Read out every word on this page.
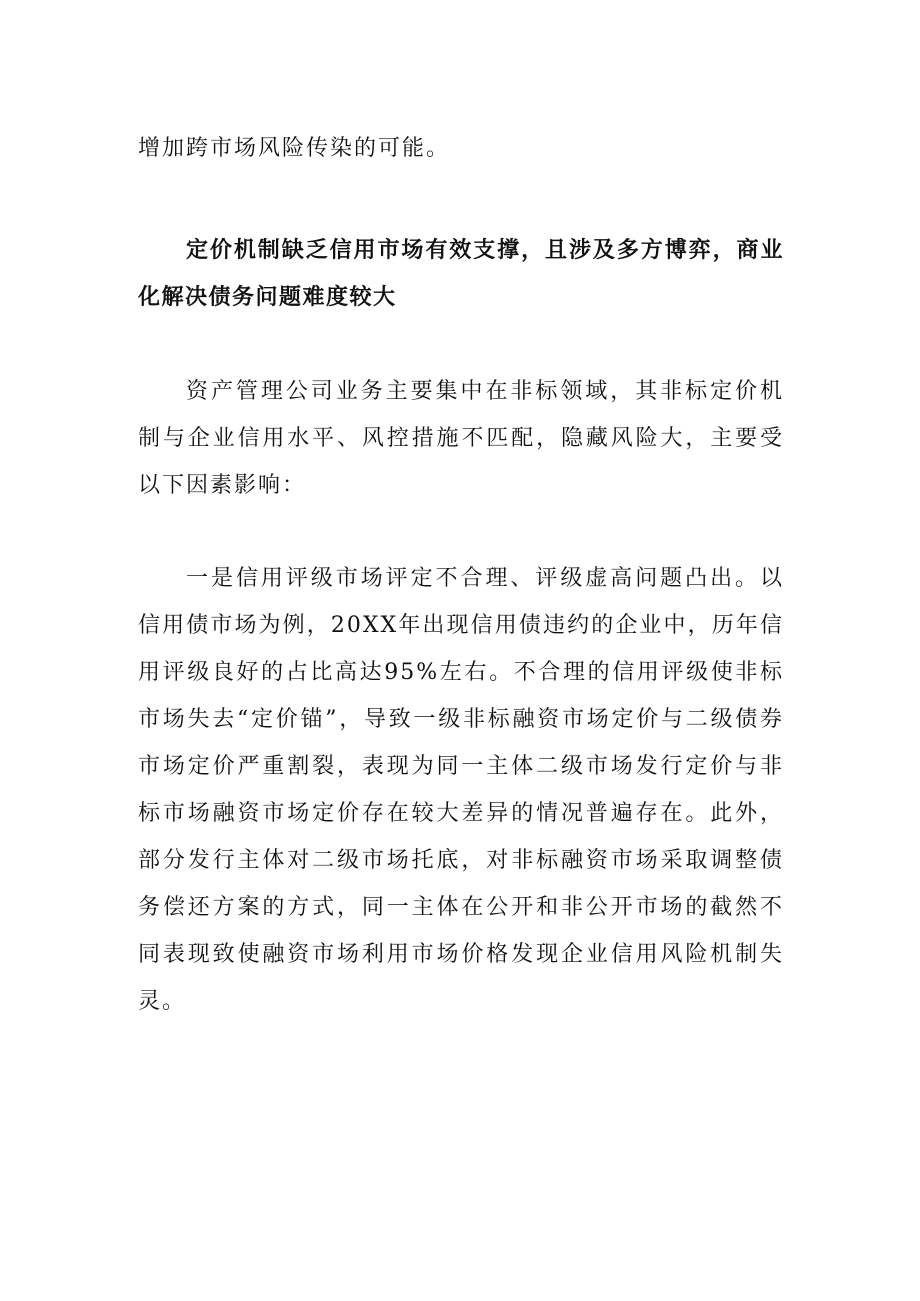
增加跨市场风险传染的可能。

定价机制缺乏信用市场有效支撑，且涉及多方博弈，商业化解决债务问题难度较大

资产管理公司业务主要集中在非标领域，其非标定价机制与企业信用水平、风控措施不匹配，隐藏风险大，主要受以下因素影响：

一是信用评级市场评定不合理、评级虚高问题凸出。以信用债市场为例，20XX年出现信用债违约的企业中，历年信用评级良好的占比高达95%左右。不合理的信用评级使非标市场失去“定价锚”，导致一级非标融资市场定价与二级债券市场定价严重割裂，表现为同一主体二级市场发行定价与非标市场融资市场定价存在较大差异的情况普遍存在。此外，部分发行主体对二级市场托底，对非标融资市场采取调整债务偿还方案的方式，同一主体在公开和非公开市场的截然不同表现致使融资市场利用市场价格发现企业信用风险机制失灵。
